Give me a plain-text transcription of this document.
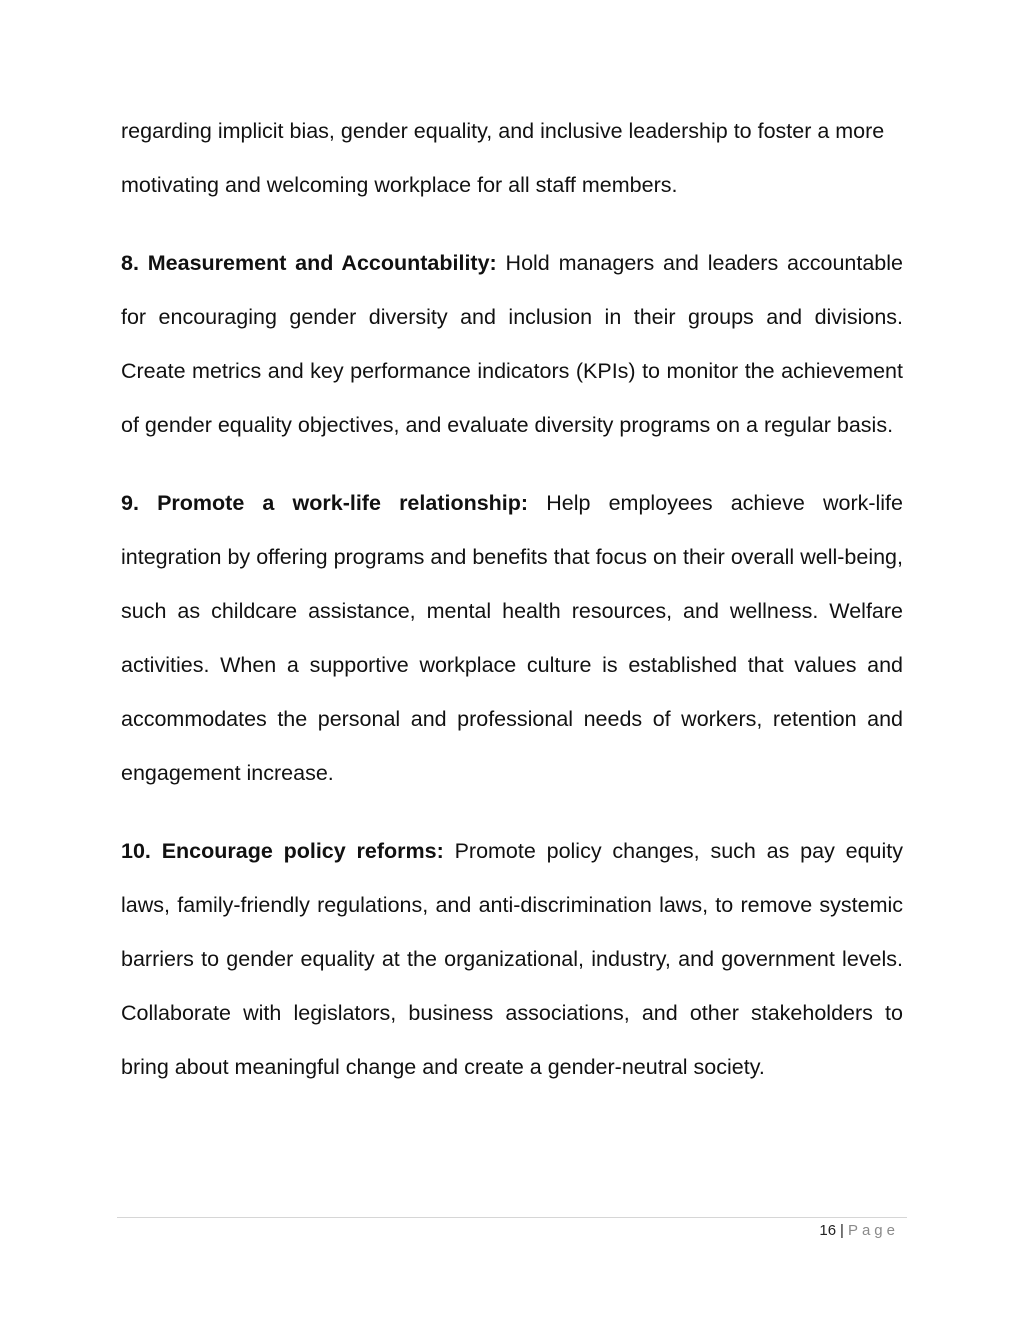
regarding implicit bias, gender equality, and inclusive leadership to foster a more motivating and welcoming workplace for all staff members.

8. Measurement and Accountability: Hold managers and leaders accountable for encouraging gender diversity and inclusion in their groups and divisions. Create metrics and key performance indicators (KPIs) to monitor the achievement of gender equality objectives, and evaluate diversity programs on a regular basis.

9. Promote a work-life relationship: Help employees achieve work-life integration by offering programs and benefits that focus on their overall well-being, such as childcare assistance, mental health resources, and wellness. Welfare activities. When a supportive workplace culture is established that values and accommodates the personal and professional needs of workers, retention and engagement increase.

10. Encourage policy reforms: Promote policy changes, such as pay equity laws, family-friendly regulations, and anti-discrimination laws, to remove systemic barriers to gender equality at the organizational, industry, and government levels. Collaborate with legislators, business associations, and other stakeholders to bring about meaningful change and create a gender-neutral society.

16 | Page
